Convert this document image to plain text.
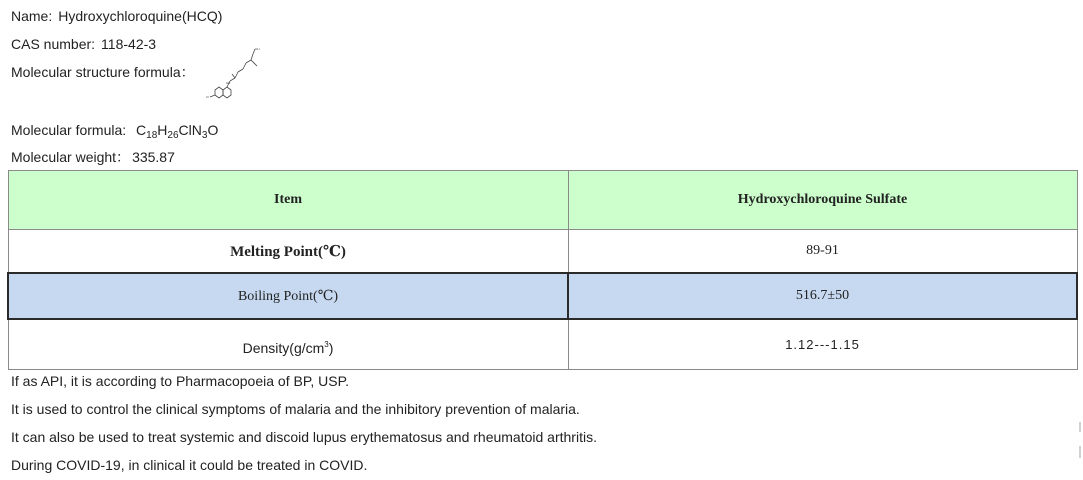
Name: Hydroxychloroquine(HCQ)
CAS number: 118-42-3
Molecular structure formula：
Cl
HN
OH
Molecular formula: $C_{18}H_{26}ClN_3O$
Molecular weight： 335.87
Item	Hydroxychloroquine Sulfate
Melting Point(℃)	89-91
Boiling Point(℃)	516.7±50
$Density(g/cm^3)$	1.12---1.15
If as API, it is according to Pharmacopoeia of BP, USP.
It is used to control the clinical symptoms of malaria and the inhibitory prevention of malaria.
It can also be used to treat systemic and discoid lupus erythematosus and rheumatoid arthritis.
During COVID-19, in clinical it could be treated in COVID.
